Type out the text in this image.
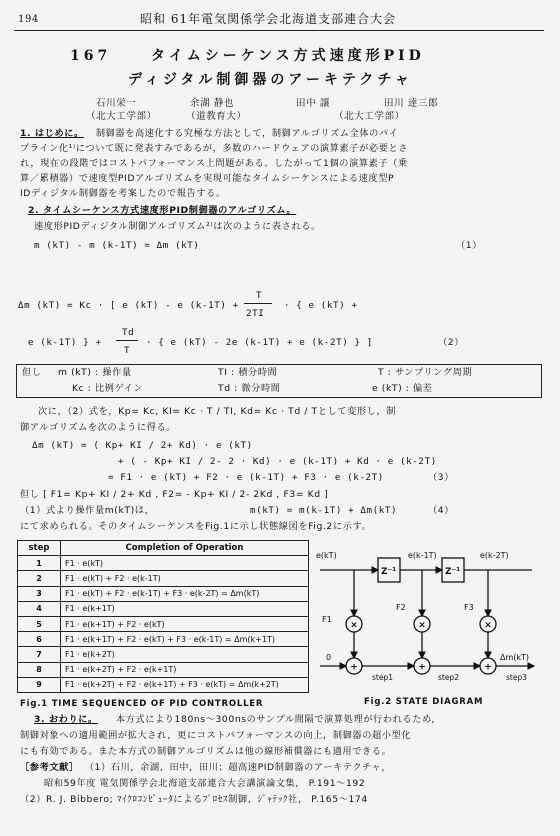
194	昭和 61年電気関係学会北海道支部連合大会
167	タイムシーケンス方式速度形PID
ディジタル制御器のアーキテクチャ
石川栄一	余湖 静也	田中 譲	田川 達三郎
（北大工学部）	（道教育大）	（北大工学部）
1. はじめに。 制御器を高速化する究極な方法として，制御アルゴリズム全体のパイ
プライン化¹⁾について既に発表すみであるが，多数のハードウェアの演算素子が必要とさ
れ，現在の段階ではコストパフォーマンス上問題がある。したがって1個の演算素子（乗
算／累積器）で速度型PIDアルゴリズムを実現可能なタイムシーケンスによる速度型P
IDディジタル制御器を考案したので報告する。
2. タイムシーケンス方式速度形PID制御器のアルゴリズム。
速度形PIDディジタル制御アルゴリズム²⁾は次のように表される。
m (kT) - m (k-1T) = Δm (kT)	（1）
Δm (kT) = Kc · [ e (kT) - e (k-1T) +
T
2TI
· { e (kT) +
e (k-1T) } +
Td
T
· { e (kT) - 2e (k-1T) + e (k-2T) } ]	（2）
但し m (kT) : 操作量	TI : 積分時間	T : サンプリング周期
Kc : 比例ゲイン	Td : 微分時間	e (kT) : 偏差
次に，（2）式を，Kp= Kc, KI= Kc · T / TI, Kd= Kc · Td / Tとして変形し，制
御アルゴリズムを次のように得る。
Δm (kT) = ( Kp+ KI / 2+ Kd) · e (kT)
+ ( - Kp+ KI / 2- 2 · Kd) · e (k-1T) + Kd · e (k-2T)
= F1 · e (kT) + F2 · e (k-1T) + F3 · e (k-2T)	（3）
但し [ F1= Kp+ KI / 2+ Kd , F2= - Kp+ KI / 2- 2Kd , F3= Kd ]
（1）式より操作量m(kT)は，	m(kT) = m(k-1T) + Δm(kT)	（4）
にて求められる。そのタイムシーケンスをFig.1に示し状態線図をFig.2に示す。
step	Completion of Operation
1	F1 · e(kT)
2	F1 · e(kT) + F2 · e(k-1T)
3	F1 · e(kT) + F2 · e(k-1T) + F3 · e(k-2T) = Δm(kT)
4	F1 · e(k+1T)
5	F1 · e(k+1T) + F2 · e(kT)
6	F1 · e(k+1T) + F2 · e(kT) + F3 · e(k-1T) = Δm(k+1T)
7	F1 · e(k+2T)
8	F1 · e(k+2T) + F2 · e(k+1T)
9	F1 · e(k+2T) + F2 · e(k+1T) + F3 · e(kT) = Δm(k+2T)
Fig.1 TIME SEQUENCED OF PID CONTROLLER
×	×	×
+	+	+
e(kT)	e(k-1T)	e(k-2T)
Z⁻¹	Z⁻¹
F1
F2	F3
0	Δm(kT)
step1	step2	step3
Fig.2 STATE DIAGRAM
3. おわりに。 本方式により180ns～300nsのサンプル間隔で演算処理が行われるため，
制御対象への適用範囲が拡大され，更にコストパフォーマンスの向上，制御器の超小型化
にも有効である。また本方式の制御アルゴリズムは他の線形補償器にも適用できる。
［参考文献］ （1）石川，余湖，田中，田川；超高速PID制御器のアーキテクチャ，
昭和59年度 電気関係学会北海道支部連合大会講演論文集， P.191～192
（2）R. J. Bibbero; ﾏｲｸﾛｺﾝﾋﾟｭｰﾀによるﾌﾟﾛｾｽ制御，ｼﾞｬﾃｯｸ社， P.165～174
